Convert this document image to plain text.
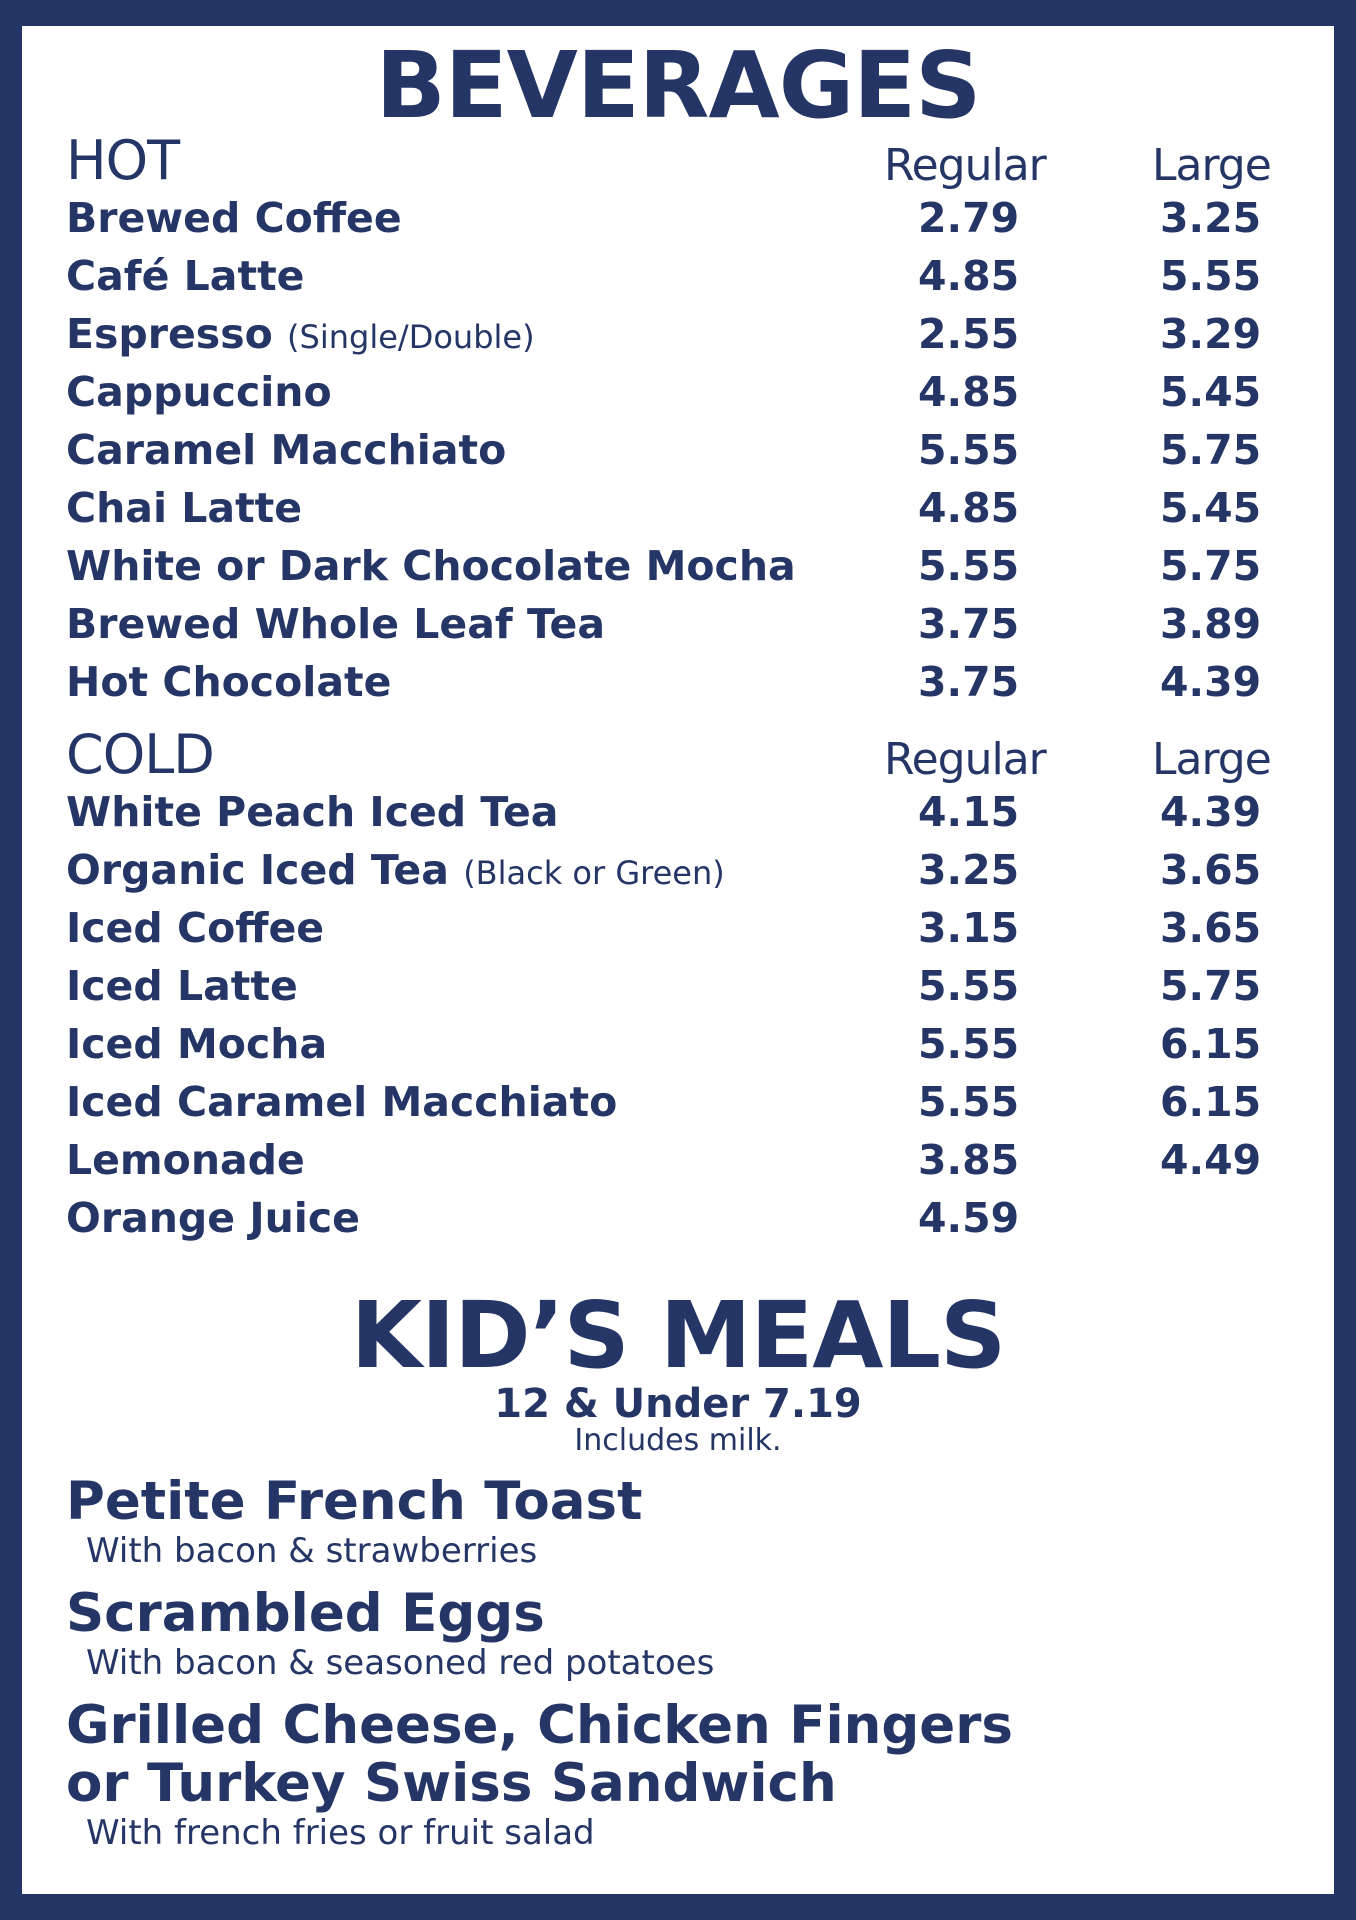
BEVERAGES
HOT	Regular Large
Brewed Coffee	2.79	3.25
Café Latte	4.85	5.55
Espresso (Single/Double)	2.55	3.29
Cappuccino	4.85	5.45
Caramel Macchiato	5.55	5.75
Chai Latte	4.85	5.45
White or Dark Chocolate Mocha	5.55	5.75
Brewed Whole Leaf Tea	3.75	3.89
Hot Chocolate	3.75	4.39
COLD	Regular Large
White Peach Iced Tea	4.15	4.39
Organic Iced Tea (Black or Green)	3.25	3.65
Iced Coffee	3.15	3.65
Iced Latte	5.55	5.75
Iced Mocha	5.55	6.15
Iced Caramel Macchiato	5.55	6.15
Lemonade	3.85	4.49
Orange Juice	4.59
KID’S MEALS
12 & Under 7.19
Includes milk.
Petite French Toast
With bacon & strawberries
Scrambled Eggs
With bacon & seasoned red potatoes
Grilled Cheese, Chicken Fingers
or Turkey Swiss Sandwich
With french fries or fruit salad
